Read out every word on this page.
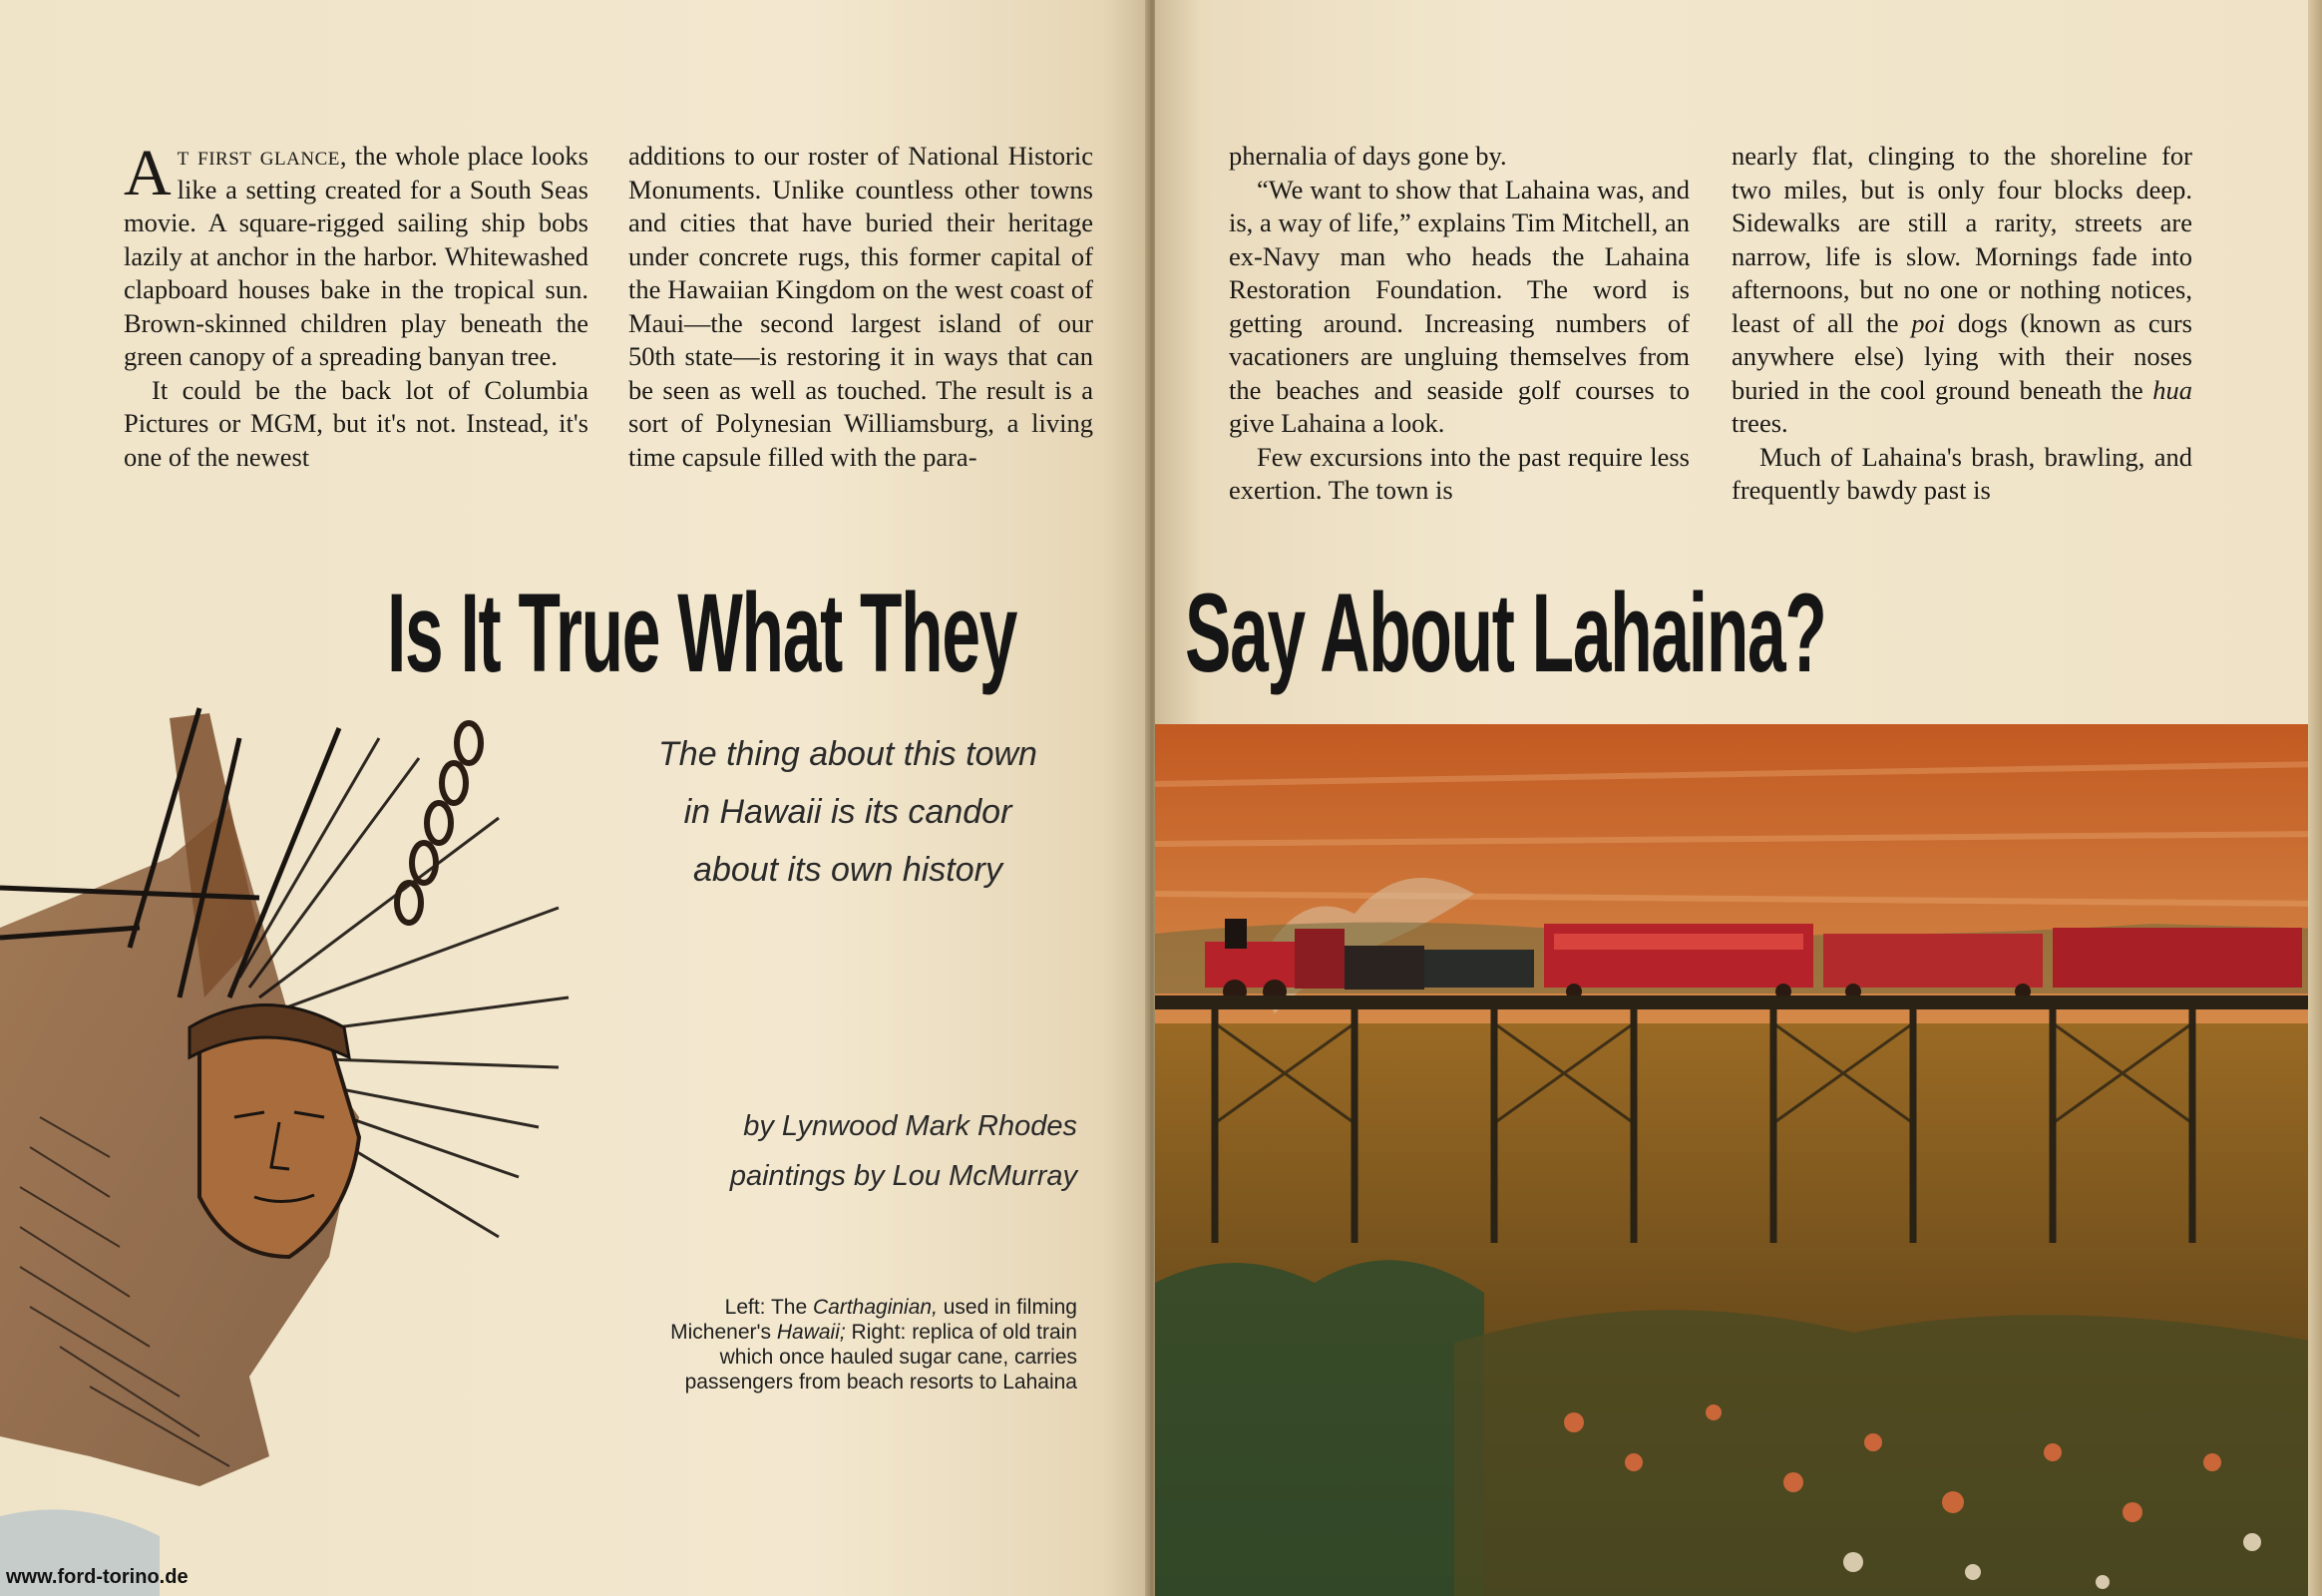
At first glance, the whole place looks like a setting created for a South Seas movie. A square-rigged sailing ship bobs lazily at anchor in the harbor. Whitewashed clapboard houses bake in the tropical sun. Brown-skinned children play beneath the green canopy of a spreading banyan tree.

It could be the back lot of Columbia Pictures or MGM, but it's not. Instead, it's one of the newest

additions to our roster of National Historic Monuments. Unlike countless other towns and cities that have buried their heritage under concrete rugs, this former capital of the Hawaiian Kingdom on the west coast of Maui—the second largest island of our 50th state—is restoring it in ways that can be seen as well as touched. The result is a sort of Polynesian Williamsburg, a living time capsule filled with the para-

The thing about this town
in Hawaii is its candor
about its own history
by Lynwood Mark Rhodes
paintings by Lou McMurray
Left: The Carthaginian, used in filming Michener's Hawaii; Right: replica of old train which once hauled sugar cane, carries passengers from beach resorts to Lahaina
Is It True What They
www.ford-torino.de

phernalia of days gone by.

“We want to show that Lahaina was, and is, a way of life,” explains Tim Mitchell, an ex-Navy man who heads the Lahaina Restoration Foundation. The word is getting around. Increasing numbers of vacationers are ungluing themselves from the beaches and seaside golf courses to give Lahaina a look.

Few excursions into the past require less exertion. The town is

nearly flat, clinging to the shoreline for two miles, but is only four blocks deep. Sidewalks are still a rarity, streets are narrow, life is slow. Mornings fade into afternoons, but no one or nothing notices, least of all the poi dogs (known as curs anywhere else) lying with their noses buried in the cool ground beneath the hua trees.

Much of Lahaina's brash, brawling, and frequently bawdy past is

Say About Lahaina?
